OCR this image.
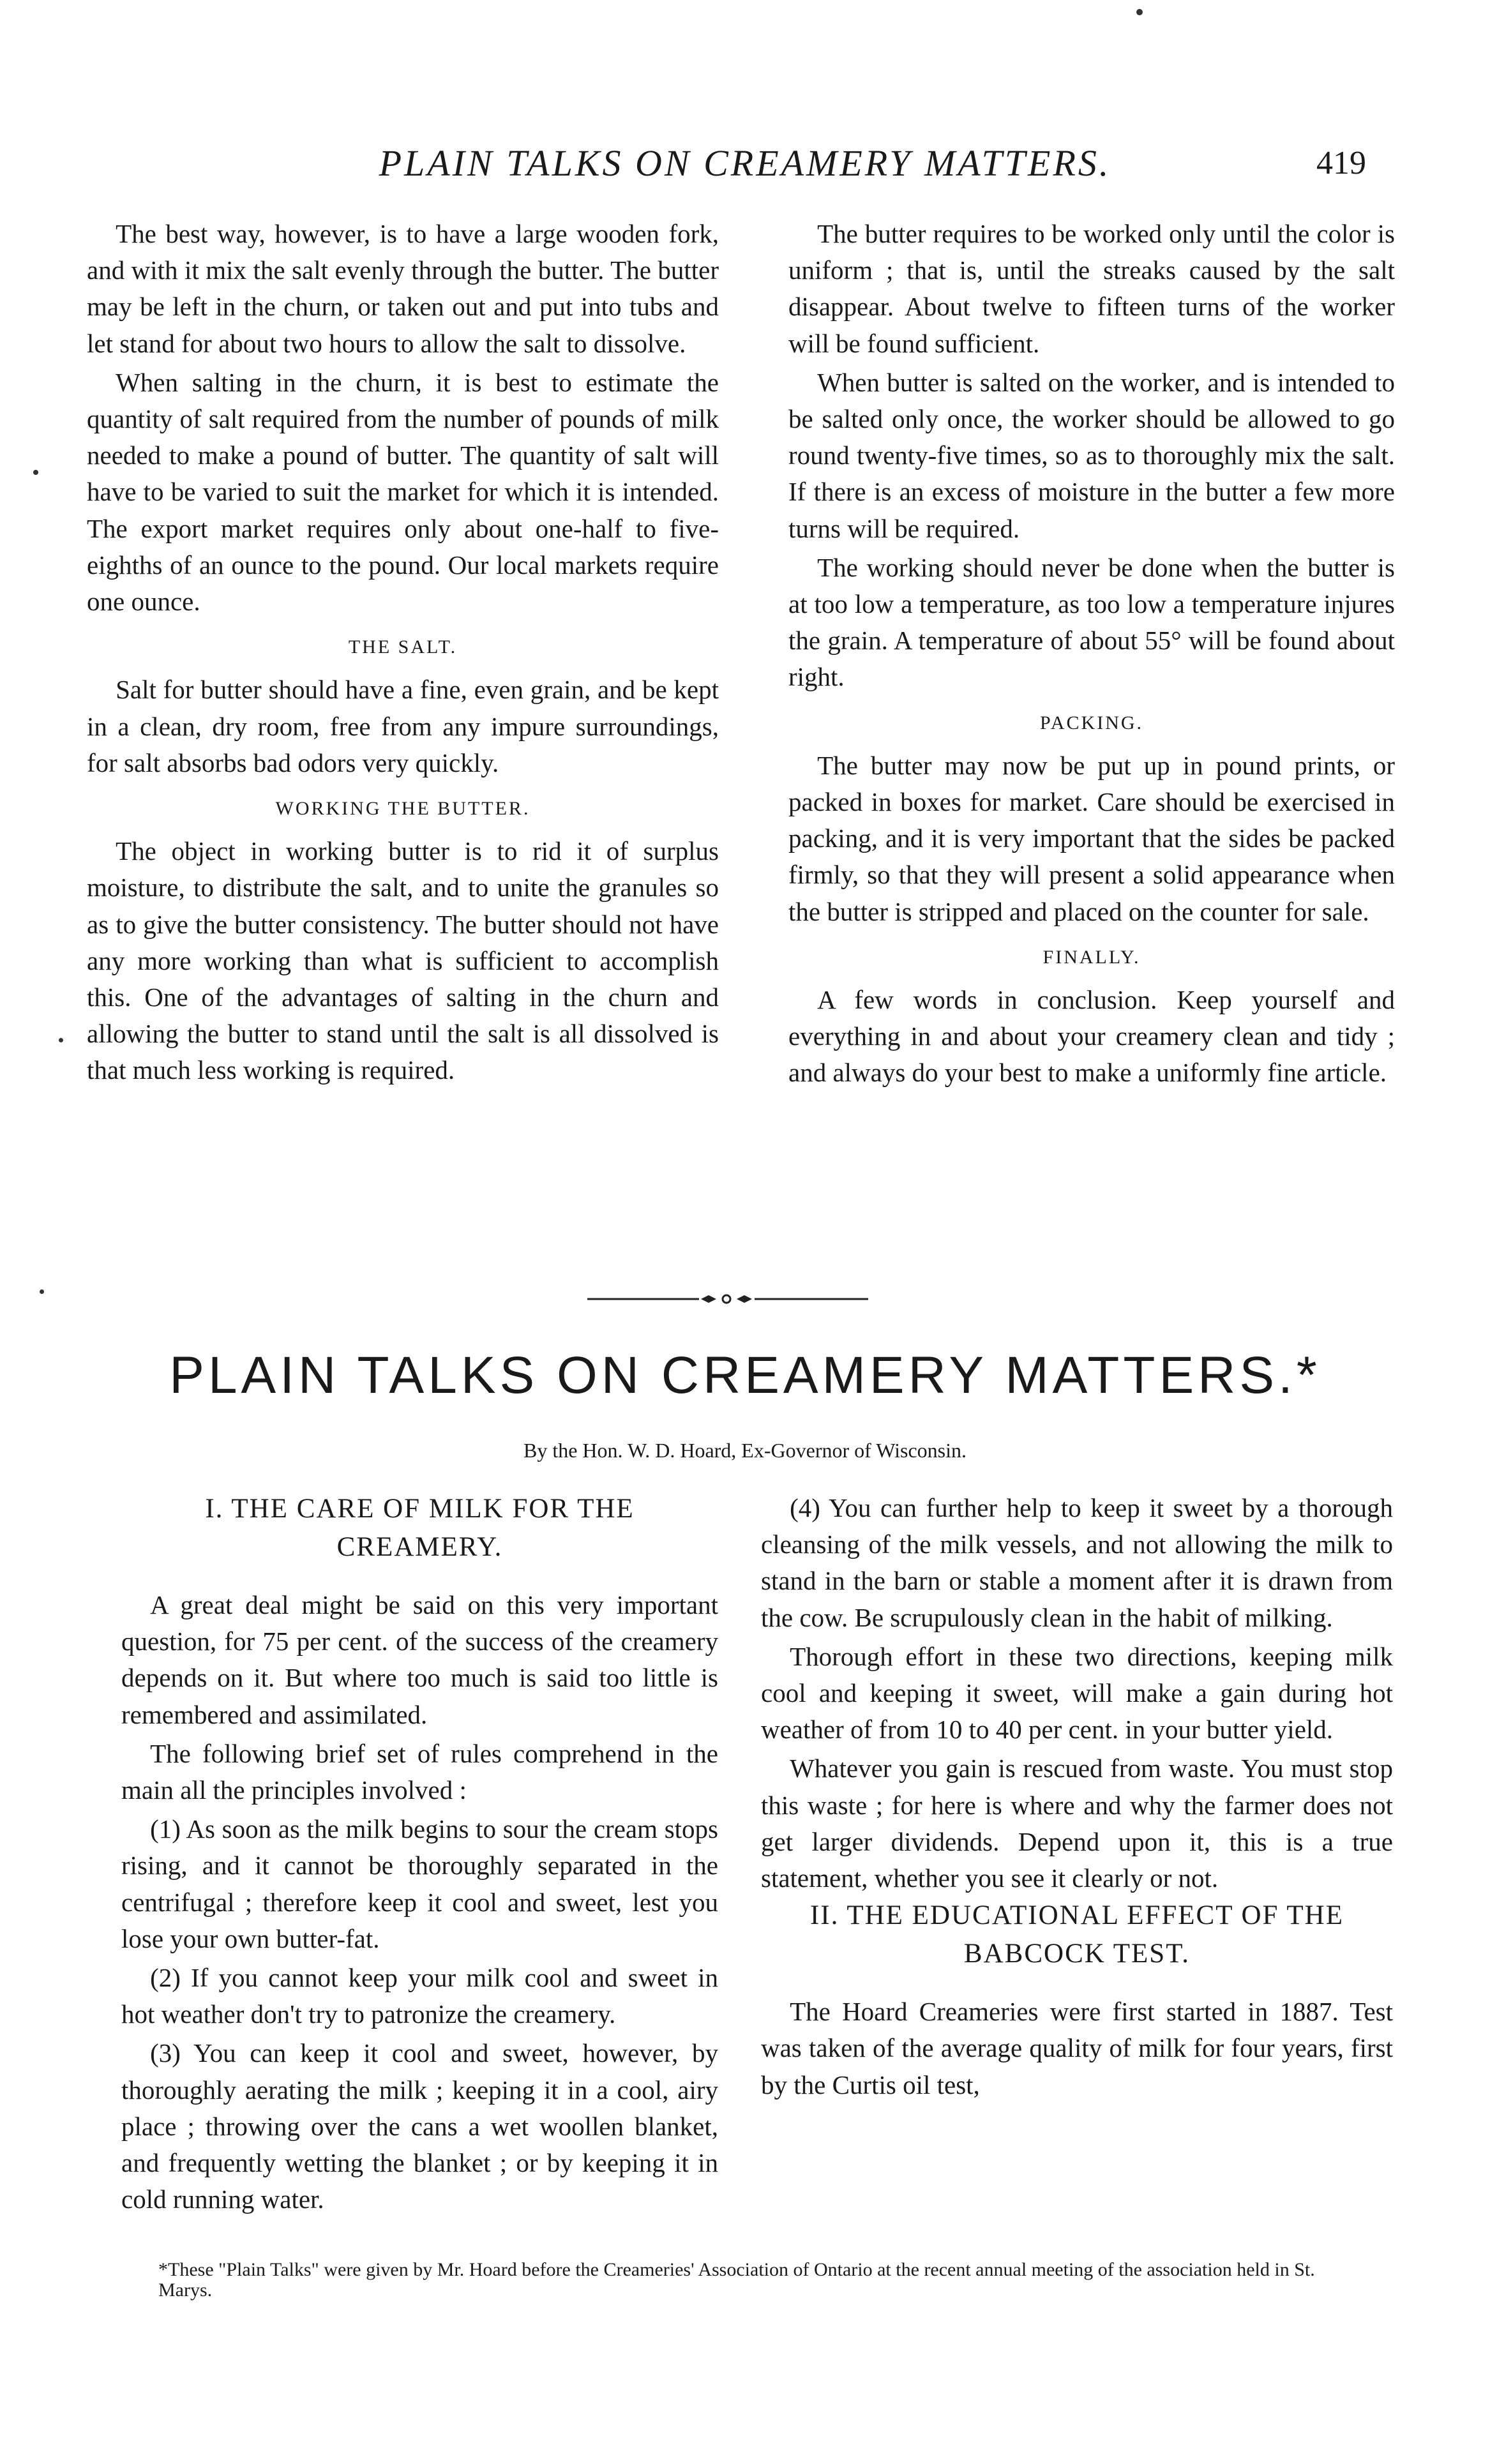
PLAIN TALKS ON CREAMERY MATTERS.	419

The best way, however, is to have a large wooden fork, and with it mix the salt evenly through the butter. The butter may be left in the churn, or taken out and put into tubs and let stand for about two hours to allow the salt to dissolve.

When salting in the churn, it is best to estimate the quantity of salt required from the number of pounds of milk needed to make a pound of butter. The quantity of salt will have to be varied to suit the market for which it is intended. The export market requires only about one-half to five-eighths of an ounce to the pound. Our local markets require one ounce.

THE SALT.

Salt for butter should have a fine, even grain, and be kept in a clean, dry room, free from any impure surroundings, for salt absorbs bad odors very quickly.

WORKING THE BUTTER.

The object in working butter is to rid it of surplus moisture, to distribute the salt, and to unite the granules so as to give the butter consistency. The butter should not have any more working than what is sufficient to accomplish this. One of the advantages of salting in the churn and allowing the butter to stand until the salt is all dissolved is that much less working is required.

The butter requires to be worked only until the color is uniform ; that is, until the streaks caused by the salt disappear. About twelve to fifteen turns of the worker will be found sufficient.

When butter is salted on the worker, and is intended to be salted only once, the worker should be allowed to go round twenty-five times, so as to thoroughly mix the salt. If there is an excess of moisture in the butter a few more turns will be required.

The working should never be done when the butter is at too low a temperature, as too low a temperature injures the grain. A temperature of about 55° will be found about right.

PACKING.

The butter may now be put up in pound prints, or packed in boxes for market. Care should be exercised in packing, and it is very important that the sides be packed firmly, so that they will present a solid appearance when the butter is stripped and placed on the counter for sale.

FINALLY.

A few words in conclusion. Keep yourself and everything in and about your creamery clean and tidy ; and always do your best to make a uniformly fine article.

PLAIN TALKS ON CREAMERY MATTERS.*
By the Hon. W. D. Hoard, Ex-Governor of Wisconsin.

I. THE CARE OF MILK FOR THE CREAMERY.

A great deal might be said on this very important question, for 75 per cent. of the success of the creamery depends on it. But where too much is said too little is remembered and assimilated.

The following brief set of rules comprehend in the main all the principles involved :

(1) As soon as the milk begins to sour the cream stops rising, and it cannot be thoroughly separated in the centrifugal ; therefore keep it cool and sweet, lest you lose your own butter-fat.

(2) If you cannot keep your milk cool and sweet in hot weather don't try to patronize the creamery.

(3) You can keep it cool and sweet, however, by thoroughly aerating the milk ; keeping it in a cool, airy place ; throwing over the cans a wet woollen blanket, and frequently wetting the blanket ; or by keeping it in cold running water.

(4) You can further help to keep it sweet by a thorough cleansing of the milk vessels, and not allowing the milk to stand in the barn or stable a moment after it is drawn from the cow. Be scrupulously clean in the habit of milking.

Thorough effort in these two directions, keeping milk cool and keeping it sweet, will make a gain during hot weather of from 10 to 40 per cent. in your butter yield.

Whatever you gain is rescued from waste. You must stop this waste ; for here is where and why the farmer does not get larger dividends. Depend upon it, this is a true statement, whether you see it clearly or not.

II. THE EDUCATIONAL EFFECT OF THE BABCOCK TEST.

The Hoard Creameries were first started in 1887. Test was taken of the average quality of milk for four years, first by the Curtis oil test,

*These "Plain Talks" were given by Mr. Hoard before the Creameries' Association of Ontario at the recent annual meeting of the association held in St. Marys.
